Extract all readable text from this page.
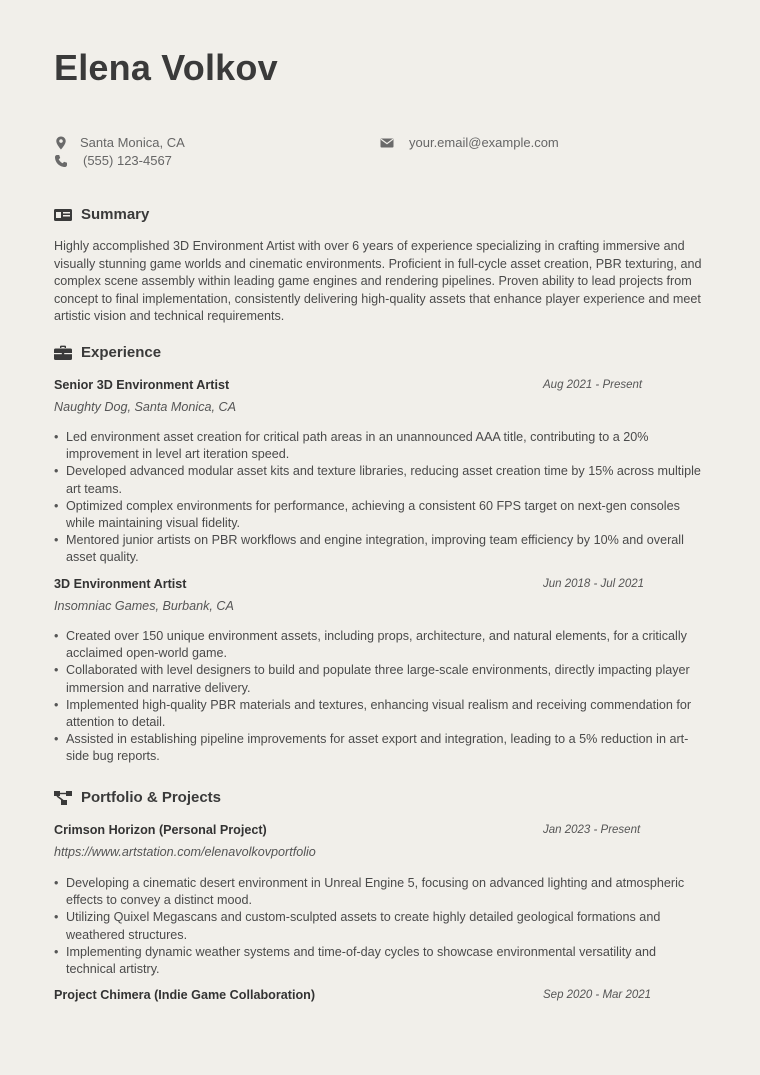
Elena Volkov
Santa Monica, CA
(555) 123-4567
your.email@example.com
Summary

Highly accomplished 3D Environment Artist with over 6 years of experience specializing in crafting immersive and visually stunning game worlds and cinematic environments. Proficient in full-cycle asset creation, PBR texturing, and complex scene assembly within leading game engines and rendering pipelines. Proven ability to lead projects from concept to final implementation, consistently delivering high-quality assets that enhance player experience and meet artistic vision and technical requirements.

Experience
Senior 3D Environment Artist	Aug 2021 - Present
Naughty Dog, Santa Monica, CA
• Led environment asset creation for critical path areas in an unannounced AAA title, contributing to a 20% improvement in level art iteration speed.
• Developed advanced modular asset kits and texture libraries, reducing asset creation time by 15% across multiple art teams.
• Optimized complex environments for performance, achieving a consistent 60 FPS target on next-gen consoles while maintaining visual fidelity.
• Mentored junior artists on PBR workflows and engine integration, improving team efficiency by 10% and overall asset quality.
3D Environment Artist	Jun 2018 - Jul 2021
Insomniac Games, Burbank, CA
• Created over 150 unique environment assets, including props, architecture, and natural elements, for a critically acclaimed open-world game.
• Collaborated with level designers to build and populate three large-scale environments, directly impacting player immersion and narrative delivery.
• Implemented high-quality PBR materials and textures, enhancing visual realism and receiving commendation for attention to detail.
• Assisted in establishing pipeline improvements for asset export and integration, leading to a 5% reduction in art-side bug reports.
Portfolio & Projects
Crimson Horizon (Personal Project)	Jan 2023 - Present
https://www.artstation.com/elenavolkovportfolio
• Developing a cinematic desert environment in Unreal Engine 5, focusing on advanced lighting and atmospheric effects to convey a distinct mood.
• Utilizing Quixel Megascans and custom-sculpted assets to create highly detailed geological formations and weathered structures.
• Implementing dynamic weather systems and time-of-day cycles to showcase environmental versatility and technical artistry.
Project Chimera (Indie Game Collaboration)	Sep 2020 - Mar 2021
